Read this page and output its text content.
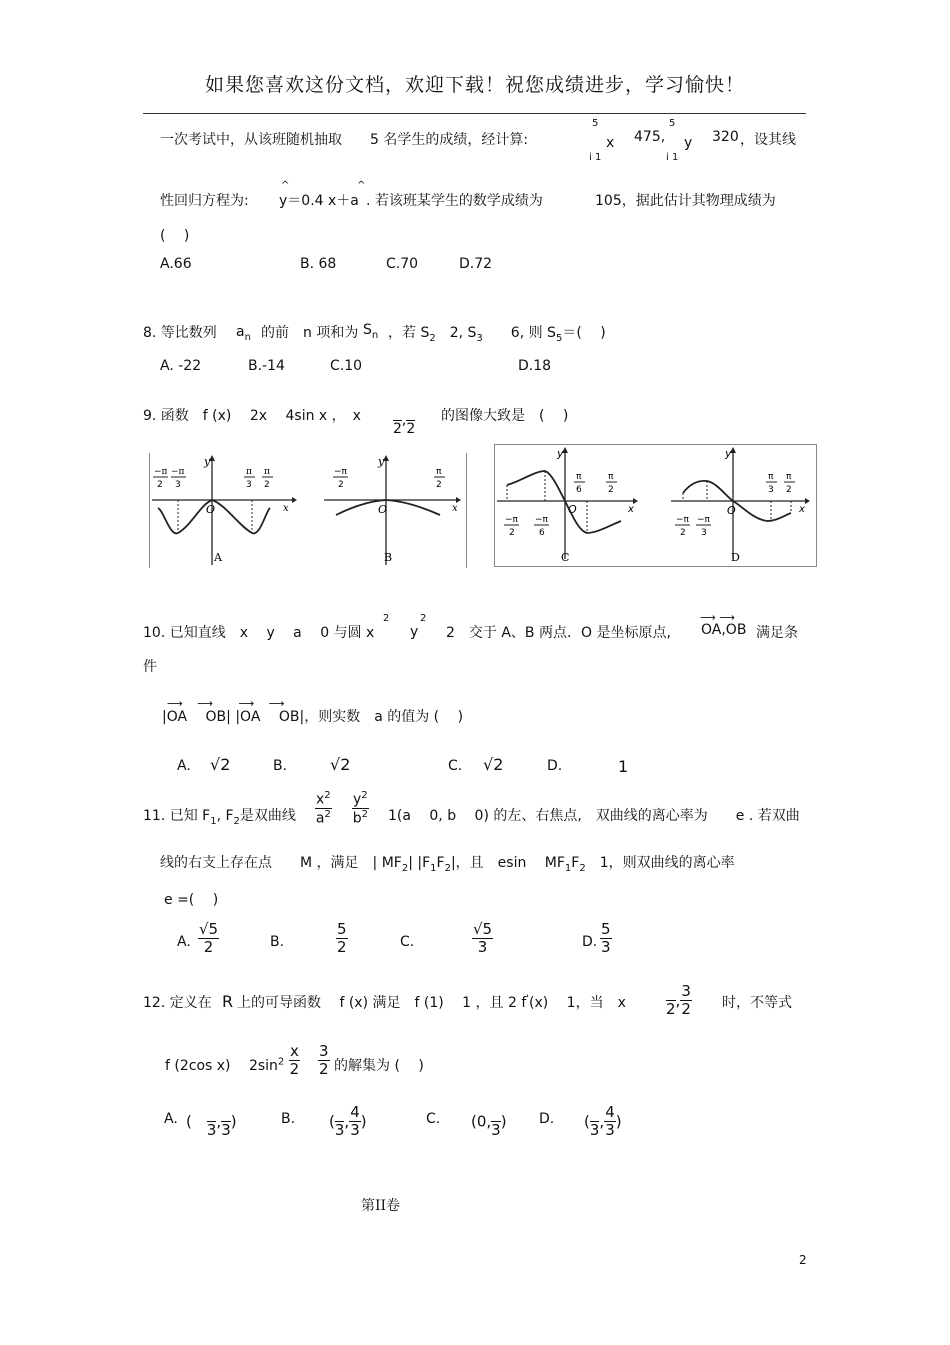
如果您喜欢这份文档，欢迎下载！祝您成绩进步，学习愉快！
一次考试中，从该班随机抽取　　5 名学生的成绩，经计算:
5
x
i 1
475,
5
y
i 1
320 ，设其线
性回归方程为:
^
y＝0.4 x＋a
^
. 若该班某学生的数学成绩为	105，据此估计其物理成绩为
(　 )
A.66	B. 68	C.70	D.72
8. 等比数列 $a_n$ 的前　n 项和为 $S_n$ ，若 $S_2$　 2, $S_3$　　 6, 则 $S_5=$(　 )
A. -22	B.-14	C.10	D.18
9. 函数　f (x)　 2x　 4sin x ，　x

2
,

2
的图像大致是　(　 )
y
x
O
−π
2
−π
3
π
3
π
2
A
y
x
O
−π
2
π
2
B
y
x
O
−π
2
−π
6
π
6
π
2
C
y
x
O
−π
2
−π
3
π
3
π
2
D
10. 已知直线　x　 y　 a　 0 与圆 x
2
y
2
2　交于 A、B 两点．O 是坐标原点,
⟶ ⟶
OA,OB 满足条
件
|OA　 OB| |OA　 OB|，则实数　a 的值为 (　 )
⟶　 ⟶　　 ⟶　 ⟶
A. √2	B.	√2	C. √2	D.	1
11. 已知 $F_1$, $F_2$是双曲线 $\frac{x^2}{a^2} \frac{y^2}{b^2} 1(a$　 0, b　 0) 的左、右焦点,　双曲线的离心率为　　e . 若双曲
线的右支上存在点　　M ，满足　| $MF_2|$ $|F_1F_2|$，且　esin　 $MF_1F_2$　1，则双曲线的离心率
e =(　 )
A. $\frac{√5}{2}$	B.	$\frac{5}{2}$	C.	$\frac{√5}{3}$	D. $\frac{5}{3}$
12. 定义在 R 上的可导函数　 f (x) 满足　f (1)　 1 ，且 2 f'(x)　 1，当　x
	2 , $\frac{3}{2}$ 时，不等式
f (2cos x)　 $2\sin^2 \frac{x}{2} \frac{3}{2}$ 的解集为 (　 )
A. (　
3 ,
3 )	B. (
3 , $\frac{4}{3}$ )	C. (0,
3 ) D. (
3 , $\frac{4}{3}$ )
第II卷
2
